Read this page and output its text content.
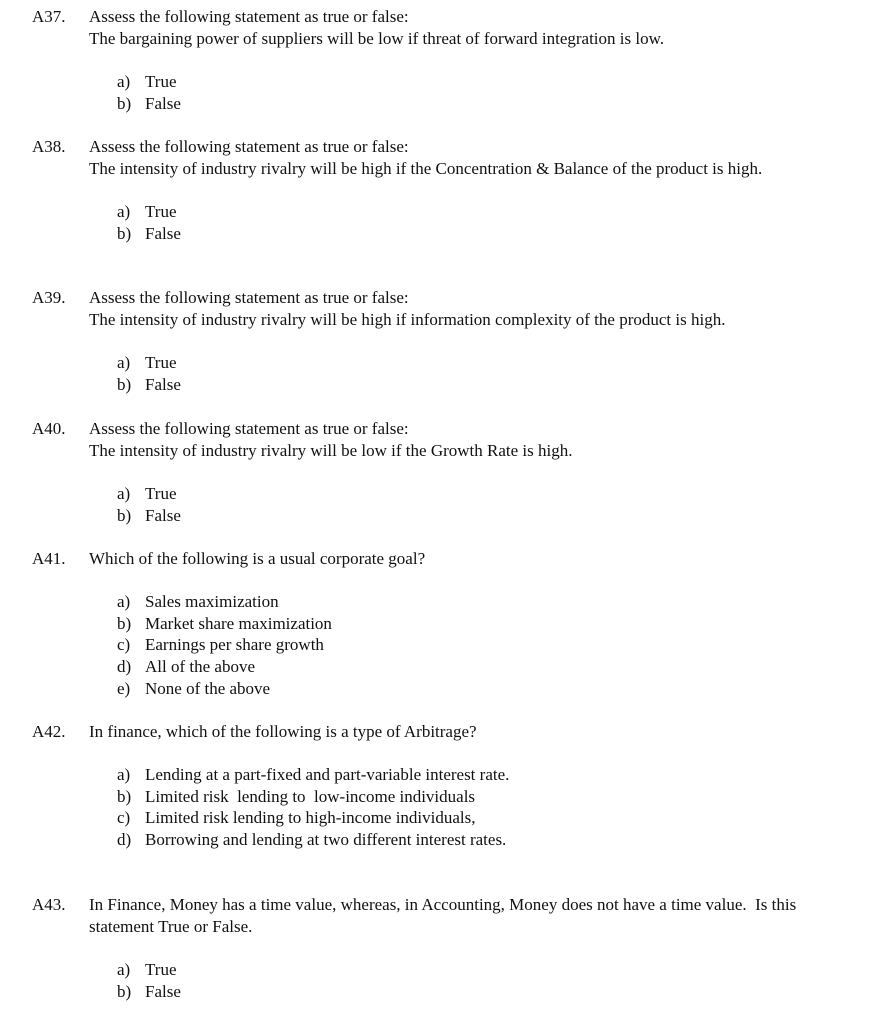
A37. Assess the following statement as true or false:
The bargaining power of suppliers will be low if threat of forward integration is low.
a) True
b) False
A38. Assess the following statement as true or false:
The intensity of industry rivalry will be high if the Concentration & Balance of the product is high.
a) True
b) False
A39. Assess the following statement as true or false:
The intensity of industry rivalry will be high if information complexity of the product is high.
a) True
b) False
A40. Assess the following statement as true or false:
The intensity of industry rivalry will be low if the Growth Rate is high.
a) True
b) False
A41. Which of the following is a usual corporate goal?
a) Sales maximization
b) Market share maximization
c) Earnings per share growth
d) All of the above
e) None of the above
A42. In finance, which of the following is a type of Arbitrage?
a) Lending at a part-fixed and part-variable interest rate.
b) Limited risk  lending to  low-income individuals
c) Limited risk lending to high-income individuals,
d) Borrowing and lending at two different interest rates.
A43. In Finance, Money has a time value, whereas, in Accounting, Money does not have a time value.  Is this
statement True or False.
a) True
b) False
